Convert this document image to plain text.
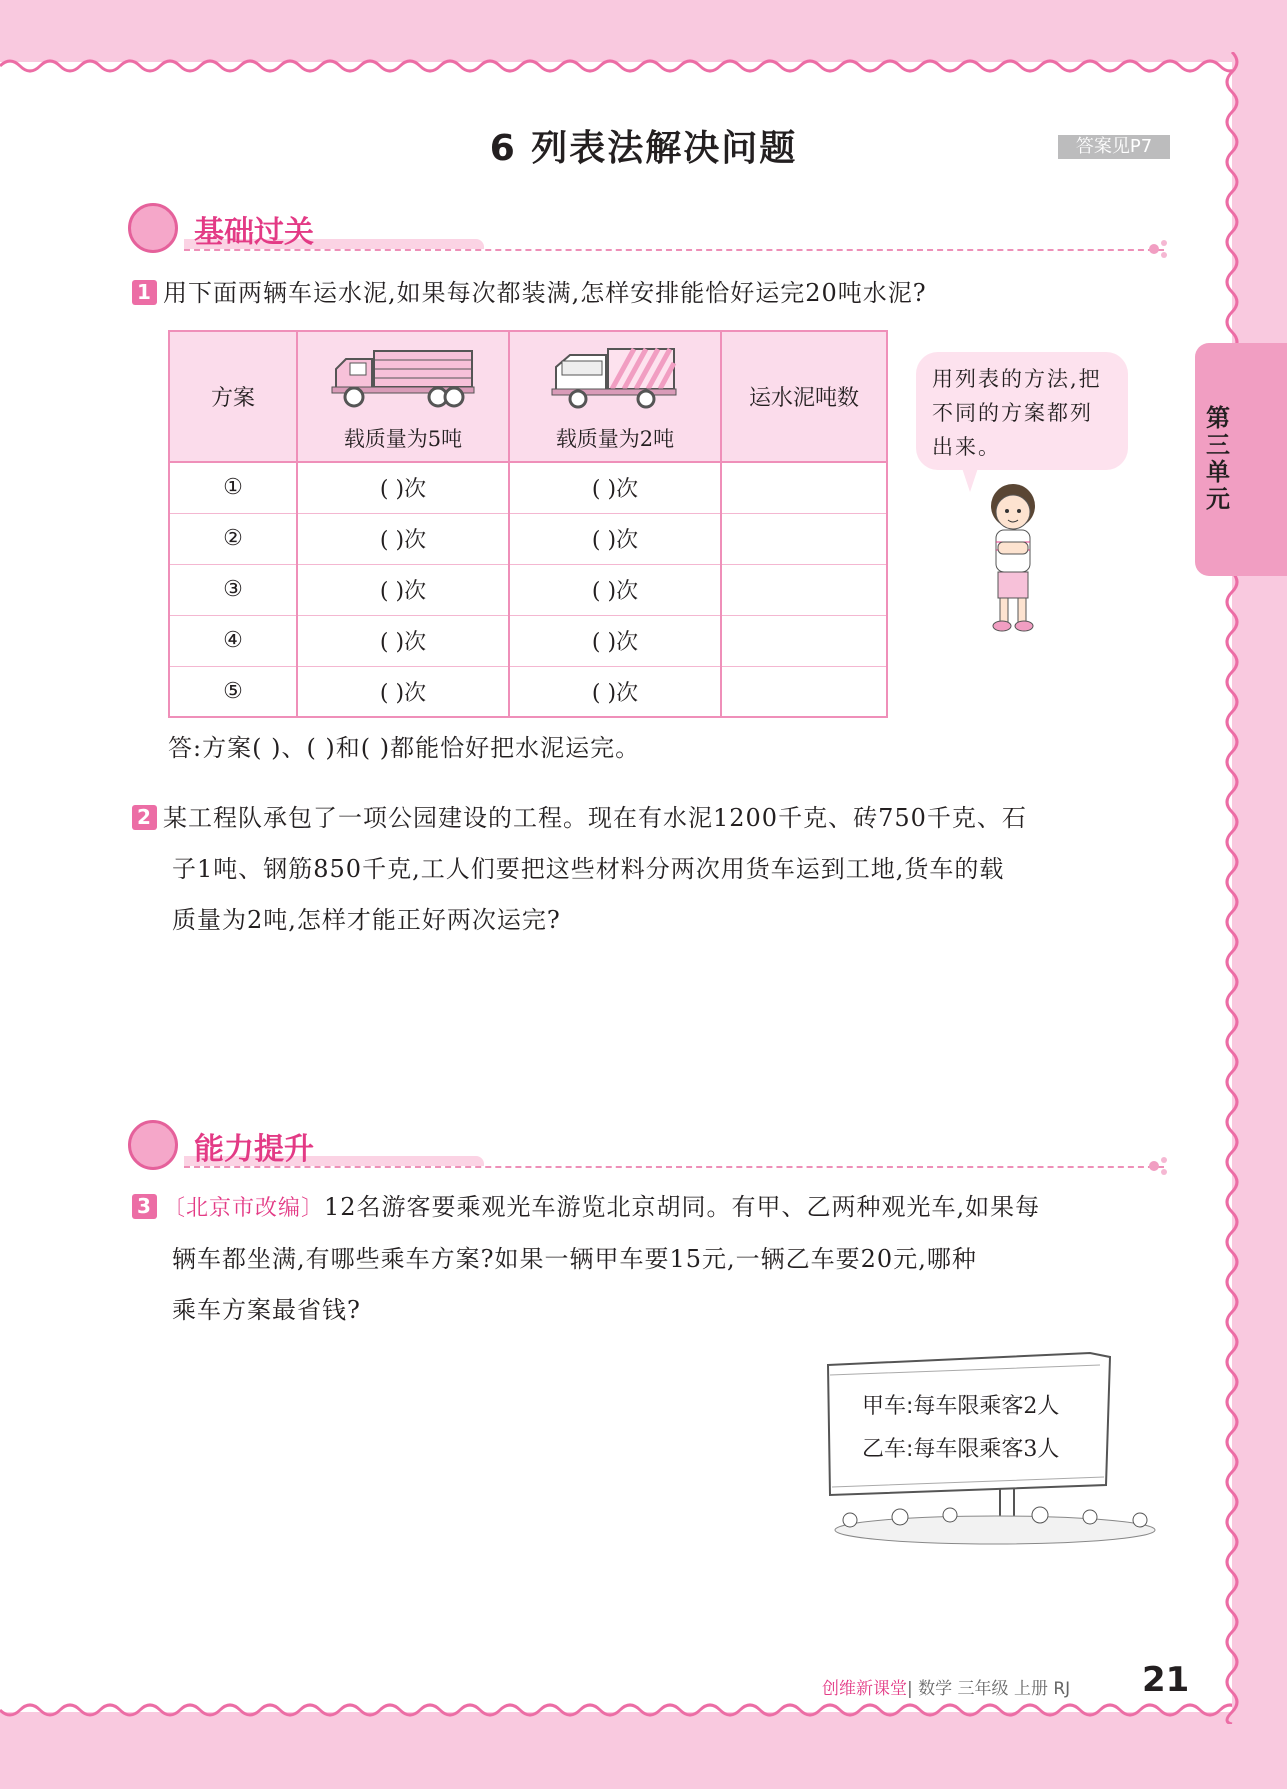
6 列表法解决问题	答案见P7
第三单元
基础过关
1 用下面两辆车运水泥,如果每次都装满,怎样安排能恰好运完20吨水泥?
方案	载质量为5吨	载质量为2吨	运水泥吨数
①	( )次	( )次	
②	( )次	( )次	
③	( )次	( )次	
④	( )次	( )次	
⑤	( )次	( )次	
答:方案( )、( )和( )都能恰好把水泥运完。
用列表的方法,把不同的方案都列出来。
2 某工程队承包了一项公园建设的工程。现在有水泥1200千克、砖750千克、石
子1吨、钢筋850千克,工人们要把这些材料分两次用货车运到工地,货车的载
质量为2吨,怎样才能正好两次运完?
能力提升
3 〔北京市改编〕12名游客要乘观光车游览北京胡同。有甲、乙两种观光车,如果每
辆车都坐满,有哪些乘车方案?如果一辆甲车要15元,一辆乙车要20元,哪种
乘车方案最省钱?
甲车:每车限乘客2人
乙车:每车限乘客3人
创维新课堂| 数学 三年级 上册 RJ 21
